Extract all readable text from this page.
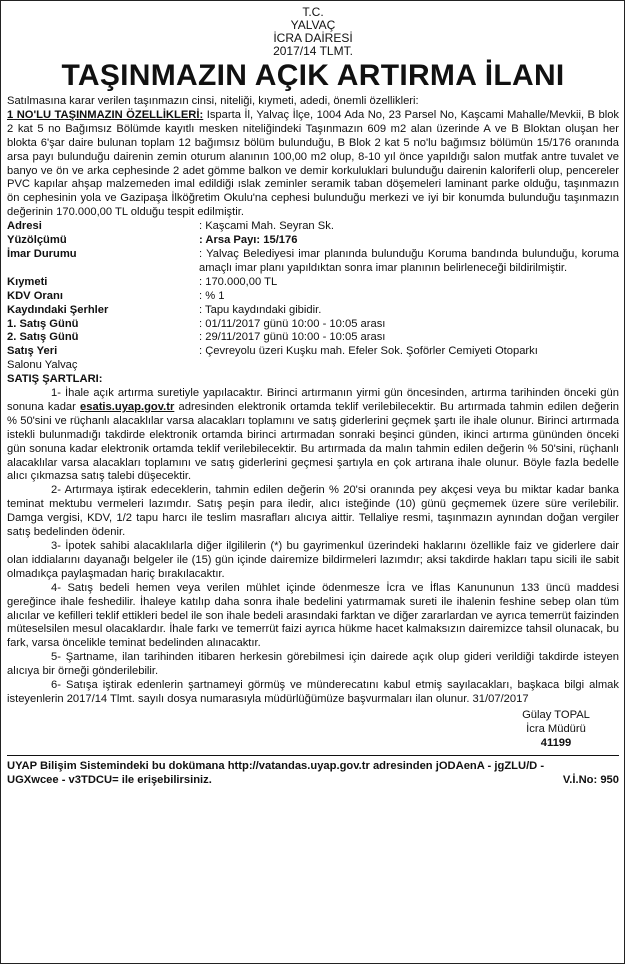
T.C.

YALVAÇ

İCRA DAİRESİ

2017/14 TLMT.

TAŞINMAZIN AÇIK ARTIRMA İLANI

Satılmasına karar verilen taşınmazın cinsi, niteliği, kıymeti, adedi, önemli özellikleri:

1 NO'LU TAŞINMAZIN ÖZELLİKLERİ: Isparta İl, Yalvaç İlçe, 1004 Ada No, 23 Parsel No, Kaşcami Mahalle/Mevkii, B blok 2 kat 5 no Bağımsız Bölümde kayıtlı mesken niteliğindeki Taşınmazın 609 m2 alan üzerinde A ve B Bloktan oluşan her blokta 6'şar daire bulunan toplam 12 bağımsız bölüm bulunduğu, B Blok 2 kat 5 no'lu bağımsız bölümün 15/176 oranında arsa payı bulunduğu dairenin zemin oturum alanının 100,00 m2 olup, 8-10 yıl önce yapıldığı salon mutfak antre tuvalet ve banyo ve ön ve arka cephesinde 2 adet gömme balkon ve demir korkuluklari bulunduğu dairenin kaloriferli olup, pencereler PVC kapılar ahşap malzemeden imal edildiği ıslak zeminler seramik taban döşemeleri laminant parke olduğu, taşınmazın ön cephesinin yola ve Gazipaşa İlköğretim Okulu'na cephesi bulunduğu merkezi ve iyi bir konumda bulunduğu taşınmazın değerinin 170.000,00 TL olduğu tespit edilmiştir.

Adresi	: Kaşcami Mah. Seyran Sk.
Yüzölçümü	: Arsa Payı: 15/176
İmar Durumu	: Yalvaç Belediyesi imar planında bulunduğu Koruma bandında bulunduğu, koruma amaçlı imar planı yapıldıktan sonra imar planının belirleneceği bildirilmiştir.
Kıymeti	: 170.000,00 TL
KDV Oranı	: % 1
Kaydındaki Şerhler	: Tapu kaydındaki gibidir.
1. Satış Günü	: 01/11/2017 günü 10:00 - 10:05 arası
2. Satış Günü	: 29/11/2017 günü 10:00 - 10:05 arası
Satış Yeri	: Çevreyolu üzeri Kuşku mah. Efeler Sok. Şoförler Cemiyeti Otoparkı

Salonu Yalvaç

SATIŞ ŞARTLARI:

1- İhale açık artırma suretiyle yapılacaktır. Birinci artırmanın yirmi gün öncesinden, artırma tarihinden önceki gün sonuna kadar esatis.uyap.gov.tr adresinden elektronik ortamda teklif verilebilecektir. Bu artırmada tahmin edilen değerin % 50'sini ve rüçhanlı alacaklılar varsa alacakları toplamını ve satış giderlerini geçmek şartı ile ihale olunur. Birinci artırmada istekli bulunmadığı takdirde elektronik ortamda birinci artırmadan sonraki beşinci günden, ikinci artırma gününden önceki gün sonuna kadar elektronik ortamda teklif verilebilecektir. Bu artırmada da malın tahmin edilen değerin % 50'sini, rüçhanlı alacaklılar varsa alacakları toplamını ve satış giderlerini geçmesi şartıyla en çok artırana ihale olunur. Böyle fazla bedelle alıcı çıkmazsa satış talebi düşecektir.

2- Artırmaya iştirak edeceklerin, tahmin edilen değerin % 20'si oranında pey akçesi veya bu miktar kadar banka teminat mektubu vermeleri lazımdır. Satış peşin para iledir, alıcı isteğinde (10) günü geçmemek üzere süre verilebilir. Damga vergisi, KDV, 1/2 tapu harcı ile teslim masrafları alıcıya aittir. Tellaliye resmi, taşınmazın aynından doğan vergiler satış bedelinden ödenir.

3- İpotek sahibi alacaklılarla diğer ilgililerin (*) bu gayrimenkul üzerindeki haklarını özellikle faiz ve giderlere dair olan iddialarını dayanağı belgeler ile (15) gün içinde dairemize bildirmeleri lazımdır; aksi takdirde hakları tapu sicili ile sabit olmadıkça paylaşmadan hariç bırakılacaktır.

4- Satış bedeli hemen veya verilen mühlet içinde ödenmesze İcra ve İflas Kanununun 133 üncü maddesi gereğince ihale feshedilir. İhaleye katılıp daha sonra ihale bedelini yatırmamak sureti ile ihalenin feshine sebep olan tüm alıcılar ve kefilleri teklif ettikleri bedel ile son ihale bedeli arasındaki farktan ve diğer zararlardan ve ayrıca temerrüt faizinden müteselsilen mesul olacaklardır. İhale farkı ve temerrüt faizi ayrıca hükme hacet kalmaksızın dairemizce tahsil olunacak, bu fark, varsa öncelikle teminat bedelinden alınacaktır.

5- Şartname, ilan tarihinden itibaren herkesin görebilmesi için dairede açık olup gideri verildiği takdirde isteyen alıcıya bir örneği gönderilebilir.

6- Satışa iştirak edenlerin şartnameyi görmüş ve münderecatını kabul etmiş sayılacakları, başkaca bilgi almak isteyenlerin 2017/14 Tlmt. sayılı dosya numarasıyla müdürlüğümüze başvurmaları ilan olunur. 31/07/2017

Gülay TOPAL
İcra Müdürü
41199
UYAP Bilişim Sistemindeki bu dokümana http://vatandas.uyap.gov.tr adresinden jODAenA - jgZLU/D -
UGXwcee - v3TDCU= ile erişebilirsiniz.	V.İ.No: 950
